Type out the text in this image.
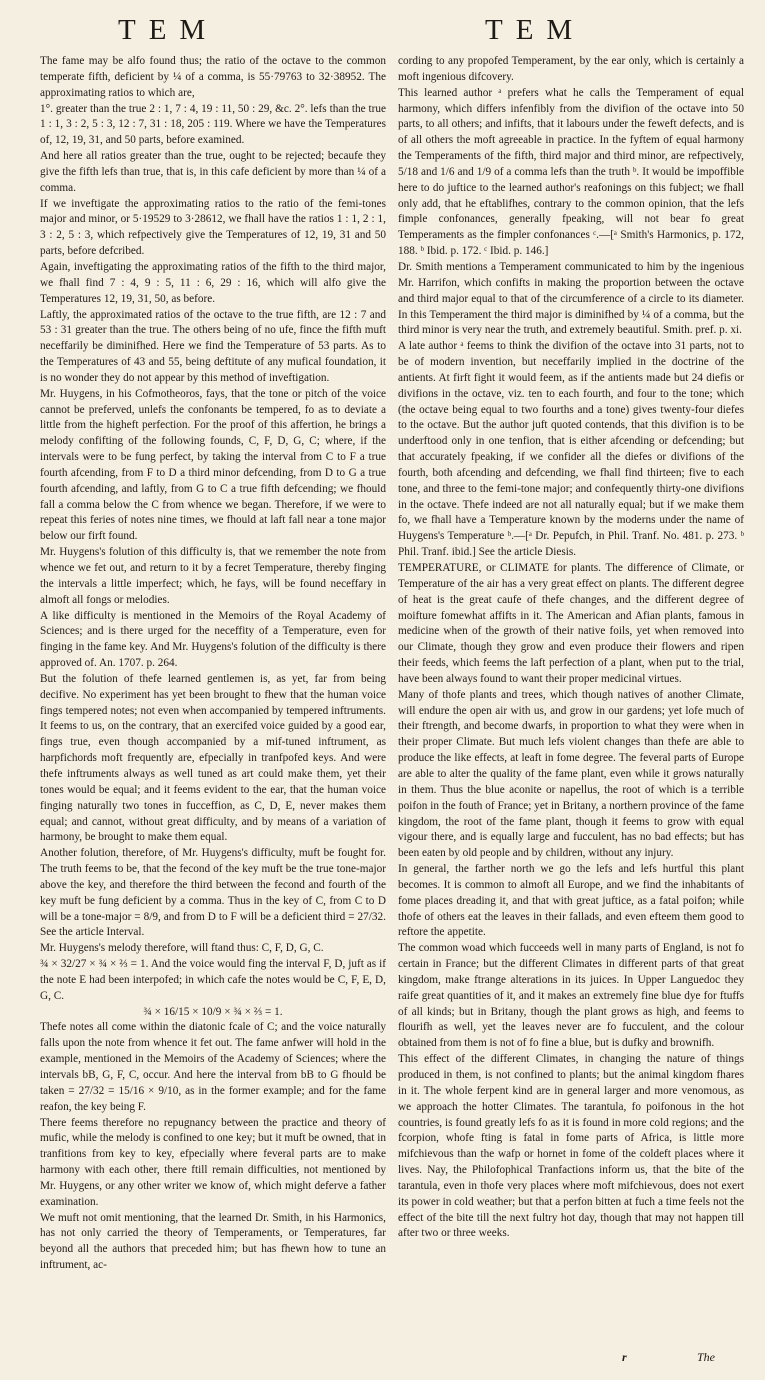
TEM	TEM

The fame may be alfo found thus; the ratio of the octave to the common temperate fifth, deficient by ¼ of a comma, is 55·79763 to 32·38952. The approximating ratios to which are,

1°. greater than the true 2 : 1, 7 : 4, 19 : 11, 50 : 29, &c. 2°. lefs than the true 1 : 1, 3 : 2, 5 : 3, 12 : 7, 31 : 18, 205 : 119. Where we have the Temperatures of, 12, 19, 31, and 50 parts, before examined.

And here all ratios greater than the true, ought to be rejected; becaufe they give the fifth lefs than true, that is, in this cafe deficient by more than ¼ of a comma.

If we inveftigate the approximating ratios to the ratio of the femi-tones major and minor, or 5·19529 to 3·28612, we fhall have the ratios 1 : 1, 2 : 1, 3 : 2, 5 : 3, which refpectively give the Temperatures of 12, 19, 31 and 50 parts, before defcribed.

Again, inveftigating the approximating ratios of the fifth to the third major, we fhall find 7 : 4, 9 : 5, 11 : 6, 29 : 16, which will alfo give the Temperatures 12, 19, 31, 50, as before.

Laftly, the approximated ratios of the octave to the true fifth, are 12 : 7 and 53 : 31 greater than the true. The others being of no ufe, fince the fifth muft neceffarily be diminifhed. Here we find the Temperature of 53 parts. As to the Temperatures of 43 and 55, being deftitute of any mufical foundation, it is no wonder they do not appear by this method of inveftigation.

Mr. Huygens, in his Cofmotheoros, fays, that the tone or pitch of the voice cannot be preferved, unlefs the confonants be tempered, fo as to deviate a little from the higheft perfection. For the proof of this affertion, he brings a melody confifting of the following founds, C, F, D, G, C; where, if the intervals were to be fung perfect, by taking the interval from C to F a true fourth afcending, from F to D a third minor defcending, from D to G a true fourth afcending, and laftly, from G to C a true fifth defcending; we fhould fall a comma below the C from whence we began. Therefore, if we were to repeat this feries of notes nine times, we fhould at laft fall near a tone major below our firft found.

Mr. Huygens's folution of this difficulty is, that we remember the note from whence we fet out, and return to it by a fecret Temperature, thereby finging the intervals a little imperfect; which, he fays, will be found neceffary in almoft all fongs or melodies.

A like difficulty is mentioned in the Memoirs of the Royal Academy of Sciences; and is there urged for the neceffity of a Temperature, even for finging in the fame key. And Mr. Huygens's folution of the difficulty is there approved of. An. 1707. p. 264.

But the folution of thefe learned gentlemen is, as yet, far from being decifive. No experiment has yet been brought to fhew that the human voice fings tempered notes; not even when accompanied by tempered inftruments. It feems to us, on the contrary, that an exercifed voice guided by a good ear, fings true, even though accompanied by a mif-tuned inftrument, as harpfichords moft frequently are, efpecially in tranfpofed keys. And were thefe inftruments always as well tuned as art could make them, yet their tones would be equal; and it feems evident to the ear, that the human voice finging naturally two tones in fucceffion, as C, D, E, never makes them equal; and cannot, without great difficulty, and by means of a variation of harmony, be brought to make them equal.

Another folution, therefore, of Mr. Huygens's difficulty, muft be fought for. The truth feems to be, that the fecond of the key muft be the true tone-major above the key, and therefore the third between the fecond and fourth of the key muft be fung deficient by a comma. Thus in the key of C, from C to D will be a tone-major = 8/9, and from D to F will be a deficient third = 27/32. See the article Interval.

Mr. Huygens's melody therefore, will ftand thus: C, F, D, G, C.

¾ × 32/27 × ¾ × ⅔ = 1. And the voice would fing the interval F, D, juft as if the note E had been interpofed; in which cafe the notes would be C, F, E, D, G, C.

¾ × 16/15 × 10/9 × ¾ × ⅔ = 1.

Thefe notes all come within the diatonic fcale of C; and the voice naturally falls upon the note from whence it fet out. The fame anfwer will hold in the example, mentioned in the Memoirs of the Academy of Sciences; where the intervals bB, G, F, C, occur. And here the interval from bB to G fhould be taken = 27/32 = 15/16 × 9/10, as in the former example; and for the fame reafon, the key being F.

There feems therefore no repugnancy between the practice and theory of mufic, while the melody is confined to one key; but it muft be owned, that in tranfitions from key to key, efpecially where feveral parts are to make harmony with each other, there ftill remain difficulties, not mentioned by Mr. Huygens, or any other writer we know of, which might deferve a father examination.

We muft not omit mentioning, that the learned Dr. Smith, in his Harmonics, has not only carried the theory of Temperaments, or Temperatures, far beyond all the authors that preceded him; but has fhewn how to tune an inftrument, ac-

cording to any propofed Temperament, by the ear only, which is certainly a moft ingenious difcovery.

This learned author ᵃ prefers what he calls the Temperament of equal harmony, which differs infenfibly from the divifion of the octave into 50 parts, to all others; and infifts, that it labours under the feweft defects, and is of all others the moft agreeable in practice. In the fyftem of equal harmony the Temperaments of the fifth, third major and third minor, are refpectively, 5/18 and 1/6 and 1/9 of a comma lefs than the truth ᵇ. It would be impoffible here to do juftice to the learned author's reafonings on this fubject; we fhall only add, that he eftablifhes, contrary to the common opinion, that the lefs fimple confonances, generally fpeaking, will not bear fo great Temperaments as the fimpler confonances ᶜ.—[ᵃ Smith's Harmonics, p. 172, 188. ᵇ Ibid. p. 172. ᶜ Ibid. p. 146.]

Dr. Smith mentions a Temperament communicated to him by the ingenious Mr. Harrifon, which confifts in making the proportion between the octave and third major equal to that of the circumference of a circle to its diameter. In this Temperament the third major is diminifhed by ¼ of a comma, but the third minor is very near the truth, and extremely beautiful. Smith. pref. p. xi.

A late author ᵃ feems to think the divifion of the octave into 31 parts, not to be of modern invention, but neceffarily implied in the doctrine of the antients. At firft fight it would feem, as if the antients made but 24 diefis or divifions in the octave, viz. ten to each fourth, and four to the tone; which (the octave being equal to two fourths and a tone) gives twenty-four diefes to the octave. But the author juft quoted contends, that this divifion is to be underftood only in one tenfion, that is either afcending or defcending; but that accurately fpeaking, if we confider all the diefes or divifions of the fourth, both afcending and defcending, we fhall find thirteen; five to each tone, and three to the femi-tone major; and confequently thirty-one divifions in the octave. Thefe indeed are not all naturally equal; but if we make them fo, we fhall have a Temperature known by the moderns under the name of Huygens's Temperature ᵇ.—[ᵃ Dr. Pepufch, in Phil. Tranf. No. 481. p. 273. ᵇ Phil. Tranf. ibid.] See the article Diesis.

TEMPERATURE, or CLIMATE for plants. The difference of Climate, or Temperature of the air has a very great effect on plants. The different degree of heat is the great caufe of thefe changes, and the different degree of moifture fomewhat affifts in it. The American and Afian plants, famous in medicine when of the growth of their native foils, yet when removed into our Climate, though they grow and even produce their flowers and ripen their feeds, which feems the laft perfection of a plant, when put to the trial, have been always found to want their proper medicinal virtues.

Many of thofe plants and trees, which though natives of another Climate, will endure the open air with us, and grow in our gardens; yet lofe much of their ftrength, and become dwarfs, in proportion to what they were when in their proper Climate. But much lefs violent changes than thefe are able to produce the like effects, at leaft in fome degree. The feveral parts of Europe are able to alter the quality of the fame plant, even while it grows naturally in them. Thus the blue aconite or napellus, the root of which is a terrible poifon in the fouth of France; yet in Britany, a northern province of the fame kingdom, the root of the fame plant, though it feems to grow with equal vigour there, and is equally large and fucculent, has no bad effects; but has been eaten by old people and by children, without any injury.

In general, the farther north we go the lefs and lefs hurtful this plant becomes. It is common to almoft all Europe, and we find the inhabitants of fome places dreading it, and that with great juftice, as a fatal poifon; while thofe of others eat the leaves in their fallads, and even efteem them good to reftore the appetite.

The common woad which fucceeds well in many parts of England, is not fo certain in France; but the different Climates in different parts of that great kingdom, make ftrange alterations in its juices. In Upper Languedoc they raife great quantities of it, and it makes an extremely fine blue dye for ftuffs of all kinds; but in Britany, though the plant grows as high, and feems to flourifh as well, yet the leaves never are fo fucculent, and the colour obtained from them is not of fo fine a blue, but is dufky and brownifh.

This effect of the different Climates, in changing the nature of things produced in them, is not confined to plants; but the animal kingdom fhares in it. The whole ferpent kind are in general larger and more venomous, as we approach the hotter Climates. The tarantula, fo poifonous in the hot countries, is found greatly lefs fo as it is found in more cold regions; and the fcorpion, whofe fting is fatal in fome parts of Africa, is little more mifchievous than the wafp or hornet in fome of the coldeft places where it lives. Nay, the Philofophical Tranfactions inform us, that the bite of the tarantula, even in thofe very places where moft mifchievous, does not exert its power in cold weather; but that a perfon bitten at fuch a time feels not the effect of the bite till the next fultry hot day, though that may not happen till after two or three weeks.

r	The
